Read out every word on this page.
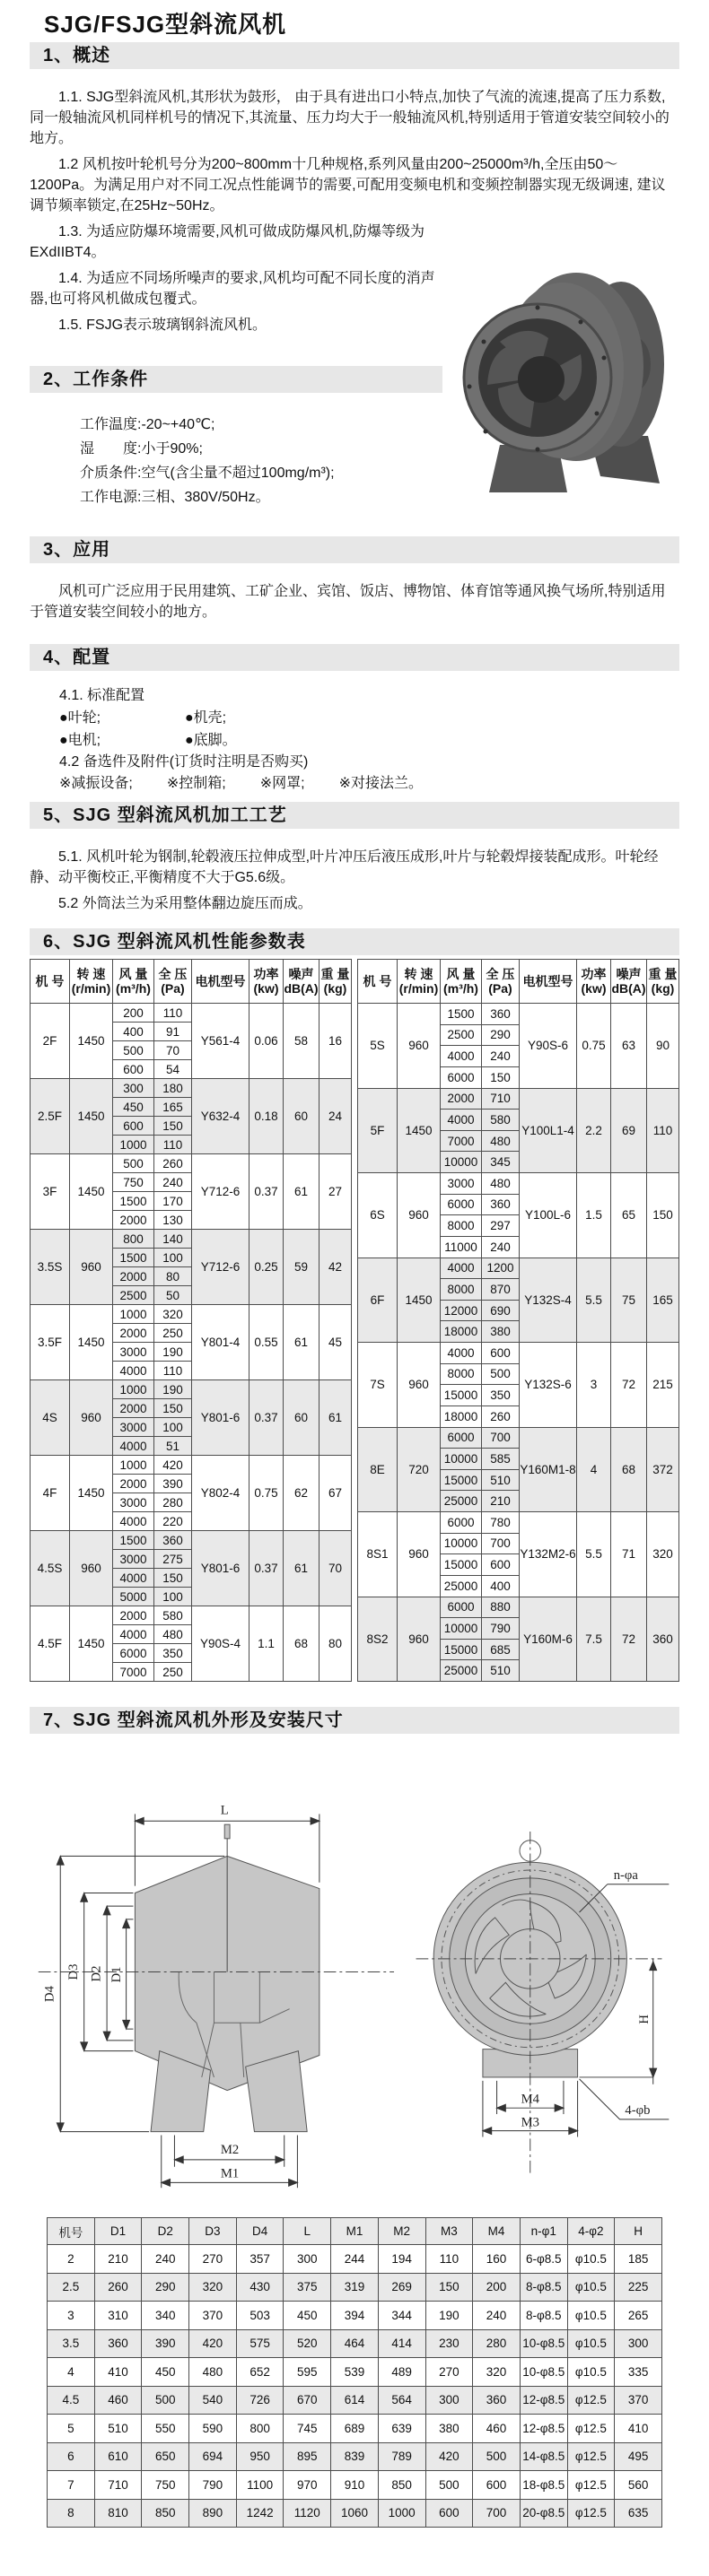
SJG/FSJG型斜流风机
1、概述

1.1. SJG型斜流风机,其形状为鼓形， 由于具有进出口小特点,加快了气流的流速,提高了压力系数,同一般轴流风机同样机号的情况下,其流量、压力均大于一般轴流风机,特别适用于管道安装空间较小的地方。

1.2 风机按叶轮机号分为200~800mm十几种规格,系列风量由200~25000m³/h,全压由50～1200Pa。为满足用户对不同工况点性能调节的需要,可配用变频电机和变频控制器实现无级调速, 建议调节频率锁定,在25Hz~50Hz。

1.3. 为适应防爆环境需要,风机可做成防爆风机,防爆等级为 EXdIIBT4。

1.4. 为适应不同场所噪声的要求,风机均可配不同长度的消声器,也可将风机做成包覆式。

1.5. FSJG表示玻璃钢斜流风机。

2、工作条件
工作温度:-20~+40℃;
湿　　度:小于90%;
介质条件:空气(含尘量不超过100mg/m³);
工作电源:三相、380V/50Hz。
3、应用

风机可广泛应用于民用建筑、工矿企业、宾馆、饭店、博物馆、体育馆等通风换气场所,特别适用于管道安装空间较小的地方。

4、配置
4.1. 标准配置
●叶轮;	●机壳;●电机;	●底脚。
4.2 备选件及附件(订货时注明是否购买)
※减振设备; ※控制箱; ※网罩; ※对接法兰。
5、SJG 型斜流风机加工工艺

5.1. 风机叶轮为钢制,轮毂液压拉伸成型,叶片冲压后液压成形,叶片与轮毂焊接装配成形。叶轮经静、动平衡校正,平衡精度不大于G5.6级。

5.2 外筒法兰为采用整体翻边旋压而成。

6、SJG 型斜流风机性能参数表
机 号	转 速
(r/min)

风 量
(m³/h)

全 压
(Pa)	电机型号	功率
(kw)

噪声
dB(A)

重 量
(kg)

2F	1450	200	110	Y561-4	0.06	58	16
		400	91				
		500	70				
		600	54				
2.5F	1450	300	180	Y632-4	0.18	60	24
		450	165				
		600	150				
		1000	110				
3F	1450	500	260	Y712-6	0.37	61	27
		750	240				
		1500	170				
		2000	130				
3.5S	960	800	140	Y712-6	0.25	59	42
		1500	100				
		2000	80				
		2500	50				
3.5F	1450	1000	320	Y801-4	0.55	61	45
		2000	250				
		3000	190				
		4000	110				
4S	960	1000	190	Y801-6	0.37	60	61
		2000	150				
		3000	100				
		4000	51				
4F	1450	1000	420	Y802-4	0.75	62	67
		2000	390				
		3000	280				
		4000	220				
4.5S	960	1500	360	Y801-6	0.37	61	70
		3000	275				
		4000	150				
		5000	100				
4.5F	1450	2000	580	Y90S-4	1.1	68	80
		4000	480				
		6000	350				
		7000	250				
机 号	转 速
(r/min)

风 量
(m³/h)

全 压
(Pa)	电机型号	功率
(kw)

噪声
dB(A)

重 量
(kg)

5S	960	1500	360	Y90S-6	0.75	63	90
		2500	290				
		4000	240				
		6000	150				
5F	1450	2000	710	Y100L1-4	2.2	69	110
		4000	580				
		7000	480				
		10000	345				
6S	960	3000	480	Y100L-6	1.5	65	150
		6000	360				
		8000	297				
		11000	240				
6F	1450	4000	1200	Y132S-4	5.5	75	165
		8000	870				
		12000	690				
		18000	380				
7S	960	4000	600	Y132S-6	3	72	215
		8000	500				
		15000	350				
		18000	260				
8E	720	6000	700	Y160M1-8	4	68	372
		10000	585				
		15000	510				
		25000	210				
8S1	960	6000	780	Y132M2-6	5.5	71	320
		10000	700				
		15000	600				
		25000	400				
8S2	960	6000	880	Y160M-6	7.5	72	360
		10000	790				
		15000	685				
		25000	510				
7、SJG 型斜流风机外形及安装尺寸
L
D4
D3 D2 D1
M2
M1
n-φa
H
M4
M3
4-φb
机号	D1	D2	D3	D4	L	M1	M2	M3	M4	n-φ1	4-φ2	H
2	210	240	270	357	300	244	194	110	160	6-φ8.5	φ10.5	185
2.5	260	290	320	430	375	319	269	150	200	8-φ8.5	φ10.5	225
3	310	340	370	503	450	394	344	190	240	8-φ8.5	φ10.5	265
3.5	360	390	420	575	520	464	414	230	280	10-φ8.5	φ10.5	300
4	410	450	480	652	595	539	489	270	320	10-φ8.5	φ10.5	335
4.5	460	500	540	726	670	614	564	300	360	12-φ8.5	φ12.5	370
5	510	550	590	800	745	689	639	380	460	12-φ8.5	φ12.5	410
6	610	650	694	950	895	839	789	420	500	14-φ8.5	φ12.5	495
7	710	750	790	1100	970	910	850	500	600	18-φ8.5	φ12.5	560
8	810	850	890	1242	1120	1060	1000	600	700	20-φ8.5	φ12.5	635
